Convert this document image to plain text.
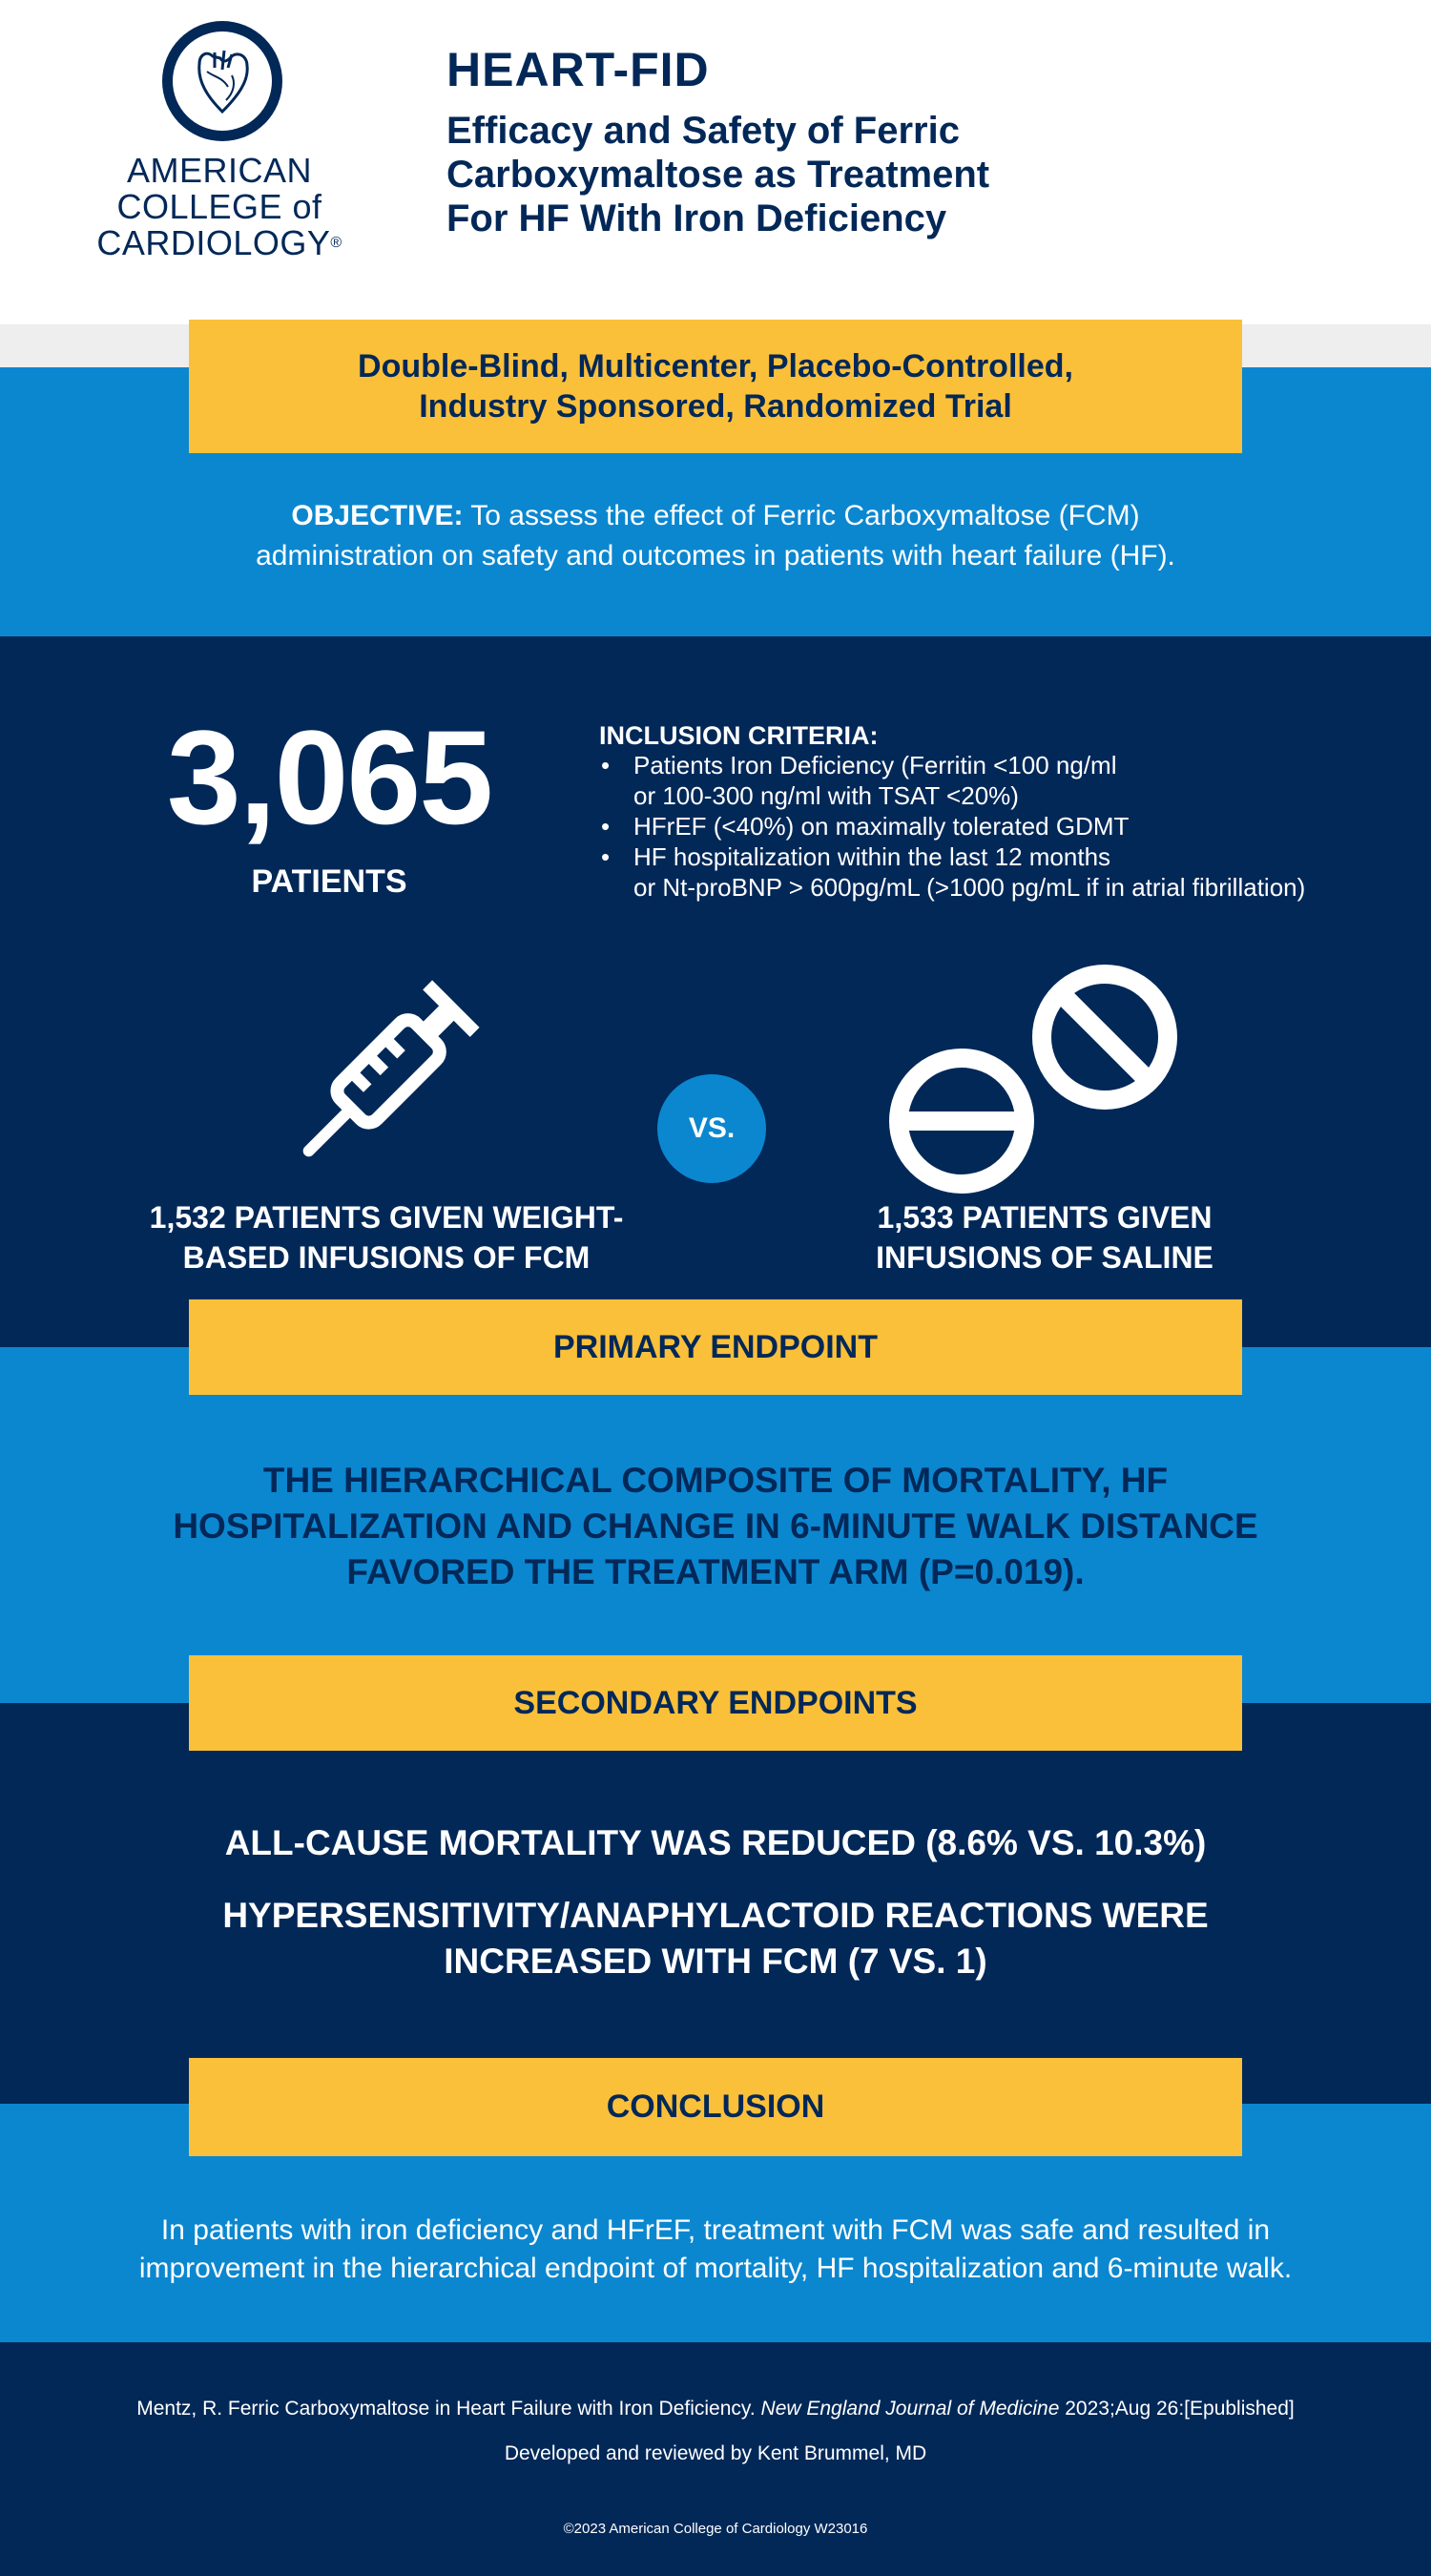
AMERICAN
COLLEGE of
CARDIOLOGY®
HEART-FID
Efficacy and Safety of Ferric
Carboxymaltose as Treatment
For HF With Iron Deficiency
Double-Blind, Multicenter, Placebo-Controlled,
Industry Sponsored, Randomized Trial
OBJECTIVE: To assess the effect of Ferric Carboxymaltose (FCM)
administration on safety and outcomes in patients with heart failure (HF).
3,065
PATIENTS
INCLUSION CRITERIA:
• Patients Iron Deficiency (Ferritin <100 ng/ml
or 100-300 ng/ml with TSAT <20%)
• HFrEF (<40%) on maximally tolerated GDMT
• HF hospitalization within the last 12 months
or Nt-proBNP > 600pg/mL (>1000 pg/mL if in atrial fibrillation)
VS.
1,532 PATIENTS GIVEN WEIGHT-
BASED INFUSIONS OF FCM
1,533 PATIENTS GIVEN
INFUSIONS OF SALINE
PRIMARY ENDPOINT
THE HIERARCHICAL COMPOSITE OF MORTALITY, HF
HOSPITALIZATION AND CHANGE IN 6-MINUTE WALK DISTANCE
FAVORED THE TREATMENT ARM (P=0.019).
SECONDARY ENDPOINTS
ALL-CAUSE MORTALITY WAS REDUCED (8.6% VS. 10.3%)
HYPERSENSITIVITY/ANAPHYLACTOID REACTIONS WERE
INCREASED WITH FCM (7 VS. 1)
CONCLUSION
In patients with iron deficiency and HFrEF, treatment with FCM was safe and resulted in
improvement in the hierarchical endpoint of mortality, HF hospitalization and 6-minute walk.
Mentz, R. Ferric Carboxymaltose in Heart Failure with Iron Deficiency. New England Journal of Medicine 2023;Aug 26:[Epublished]
Developed and reviewed by Kent Brummel, MD
©2023 American College of Cardiology W23016
